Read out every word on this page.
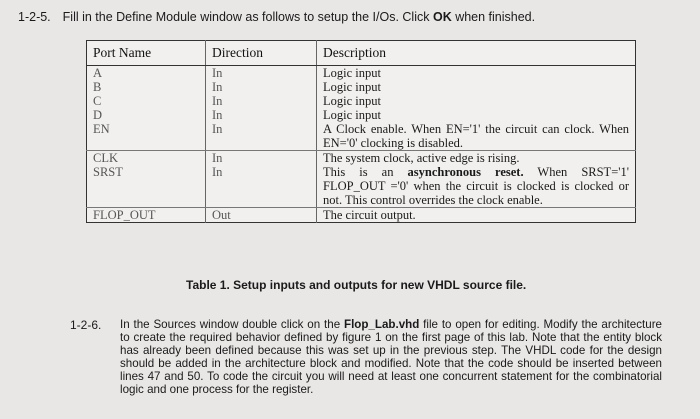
1-2-5. Fill in the Define Module window as follows to setup the I/Os. Click OK when finished.
Port Name	Direction	Description
A	In	Logic input
B	In	Logic input
C	In	Logic input
D	In	Logic input
EN	In	A Clock enable. When EN='1' the circuit can clock. When EN='0' clocking is disabled.
CLK	In	The system clock, active edge is rising.
SRST	In	This is an asynchronous reset. When SRST='1' FLOP_OUT ='0' when the circuit is clocked is clocked or not. This control overrides the clock enable.
FLOP_OUT	Out	The circuit output.
Table 1. Setup inputs and outputs for new VHDL source file.
1-2-6. In the Sources window double click on the Flop_Lab.vhd file to open for editing. Modify the architecture to create the required behavior defined by figure 1 on the first page of this lab. Note that the entity block has already been defined because this was set up in the previous step. The VHDL code for the design should be added in the architecture block and modified. Note that the code should be inserted between lines 47 and 50. To code the circuit you will need at least one concurrent statement for the combinatorial logic and one process for the register.
